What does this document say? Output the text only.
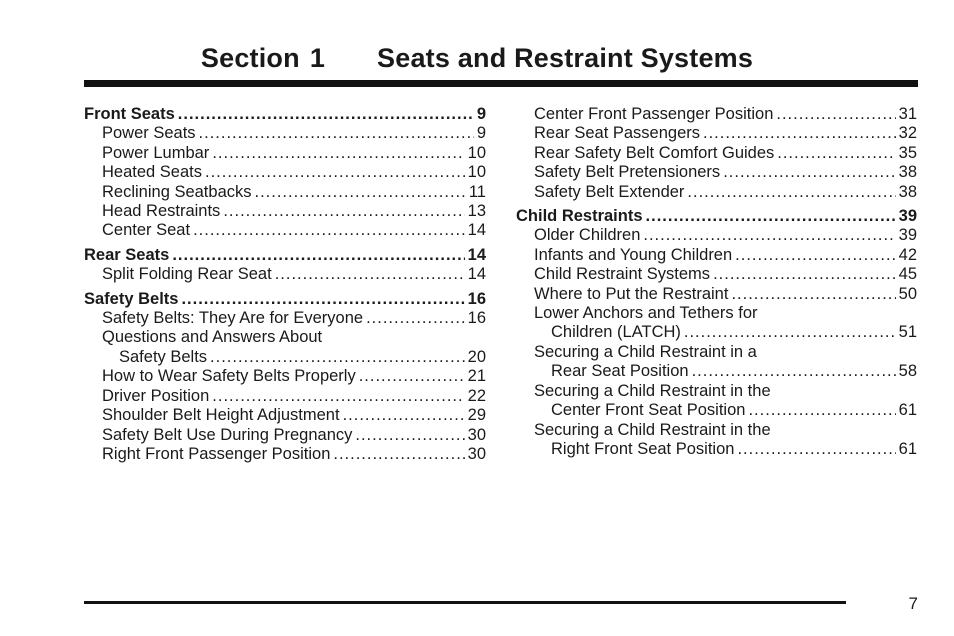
Section 1 Seats and Restraint Systems
Front Seats .....	9
Power Seats .....	9
Power Lumbar .....	10
Heated Seats .....	10
Reclining Seatbacks .....	11
Head Restraints .....	13
Center Seat .....	14
Rear Seats .....	14
Split Folding Rear Seat .....	14
Safety Belts .....	16
Safety Belts: They Are for Everyone .....	16
Questions and Answers About
Safety Belts .....	20
How to Wear Safety Belts Properly .....	21
Driver Position .....	22
Shoulder Belt Height Adjustment .....	29
Safety Belt Use During Pregnancy .....	30
Right Front Passenger Position .....	30
Center Front Passenger Position .....	31
Rear Seat Passengers .....	32
Rear Safety Belt Comfort Guides .....	35
Safety Belt Pretensioners .....	38
Safety Belt Extender .....	38
Child Restraints .....	39
Older Children .....	39
Infants and Young Children .....	42
Child Restraint Systems .....	45
Where to Put the Restraint .....	50
Lower Anchors and Tethers for
Children (LATCH) .....	51
Securing a Child Restraint in a
Rear Seat Position .....	58
Securing a Child Restraint in the
Center Front Seat Position .....	61
Securing a Child Restraint in the
Right Front Seat Position .....	61
7
